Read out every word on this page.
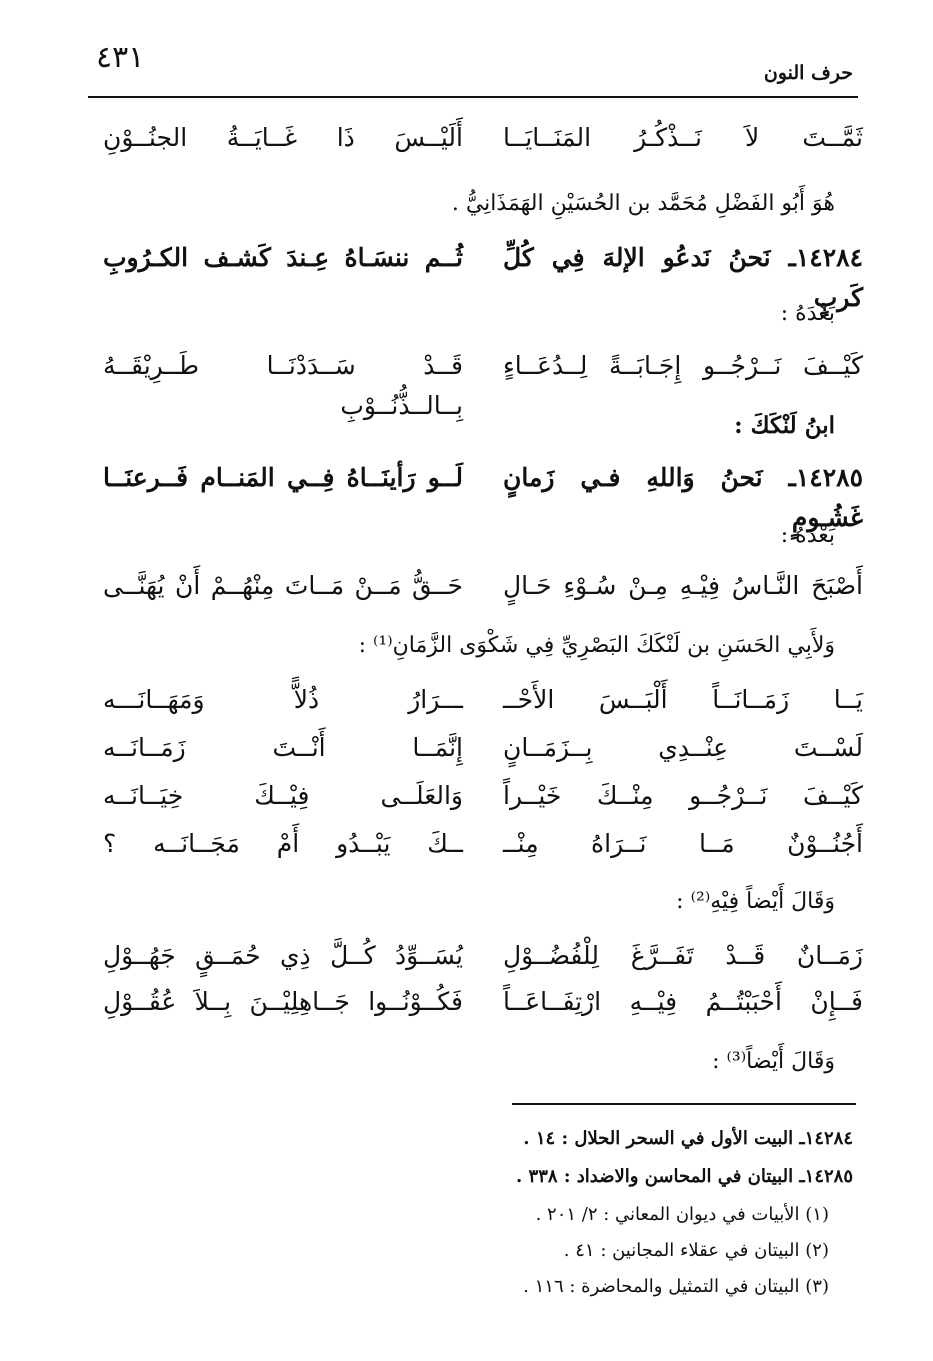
٤٣١	حرف النون
ثَمَّــتَ لاَ نَــذْكُـرُ المَنَــايَــا
أَلَيْــسَ ذَا غَــايَــةُ الجنُــوْنِ
هُوَ أَبُو الفَضْلِ مُحَمَّد بن الحُسَيْنِ الهَمَذَانِيُّ .
١٤٢٨٤ـ نَحنُ نَدعُو الإلهَ فِي كُلِّ كَربٍ
ثُــم ننسَـاهُ عِـندَ كَشـف الكـرُوبِ
بَعْدَهُ :
كَيْــفَ نَــرْجُــو إِجَـابَــةً لِــدُعَــاءٍ
قَــدْ سَــدَدْنَــا طَــرِيْقَــهُ بِــالــذُّنُــوْبِ
ابنُ لَنْكَكَ :
١٤٢٨٥ـ نَحنُ وَاللهِ فـي زَمانٍ غَشُـومٍ
لَــو رَأينَــاهُ فِــي المَنــام فَــرعنَــا
بَعْدَهُ :
أَصْبَحَ النَّـاسُ فِيْـهِ مِـنْ سُـوْءِ حَـالٍ
حَــقُّ مَــنْ مَــاتَ مِنْهُــمْ أَنْ يُهَنَّــى
وَلأَبِي الحَسَنِ بن لَنْكَكَ البَصْرِيِّ فِي شَكْوَى الزَّمَانِ⁽¹⁾ :
يَــا زَمَــانَــاً أَلْبَــسَ الأَحْــ
ـــرَارُ ذُلاًّ وَمَهَــانَـــه
لَسْــتَ عِنْــدِي بِــزَمَــانٍ
إِنَّمَــا أَنْــتَ زَمَــانَــه
كَيْــفَ نَــرْجُــو مِنْــكَ خَيْــراً
وَالعَلَــى فِيْــكَ خِيَــانَــه
أَجُنُــوْنٌ مَــا نَــرَاهُ مِنْــ
ــكَ يَبْــدُو أَمْ مَجَــانَــه ؟
وَقَالَ أَيْضاً فِيْهِ⁽²⁾ :
زَمَــانٌ قَــدْ تَفَــرَّغَ لِلْفُضُــوْلِ
يُسَــوِّدُ كُــلَّ ذِي حُمَــقٍ جَهُــوْلِ
فَــإِنْ أَحْبَبْتُــمُ فِيْــهِ ارْتِفَــاعَــاً
فَكُــوْنُــوا جَــاهِلِيْــنَ بِــلاَ عُقُــوْلِ
وَقَالَ أَيْضاً⁽³⁾ :
١٤٢٨٤ـ البيت الأول في السحر الحلال : ١٤ .
١٤٢٨٥ـ البيتان في المحاسن والاضداد : ٣٣٨ .
(١) الأبيات في ديوان المعاني : ٢/ ٢٠١ .
(٢) البيتان في عقلاء المجانين : ٤١ .
(٣) البيتان في التمثيل والمحاضرة : ١١٦ .
